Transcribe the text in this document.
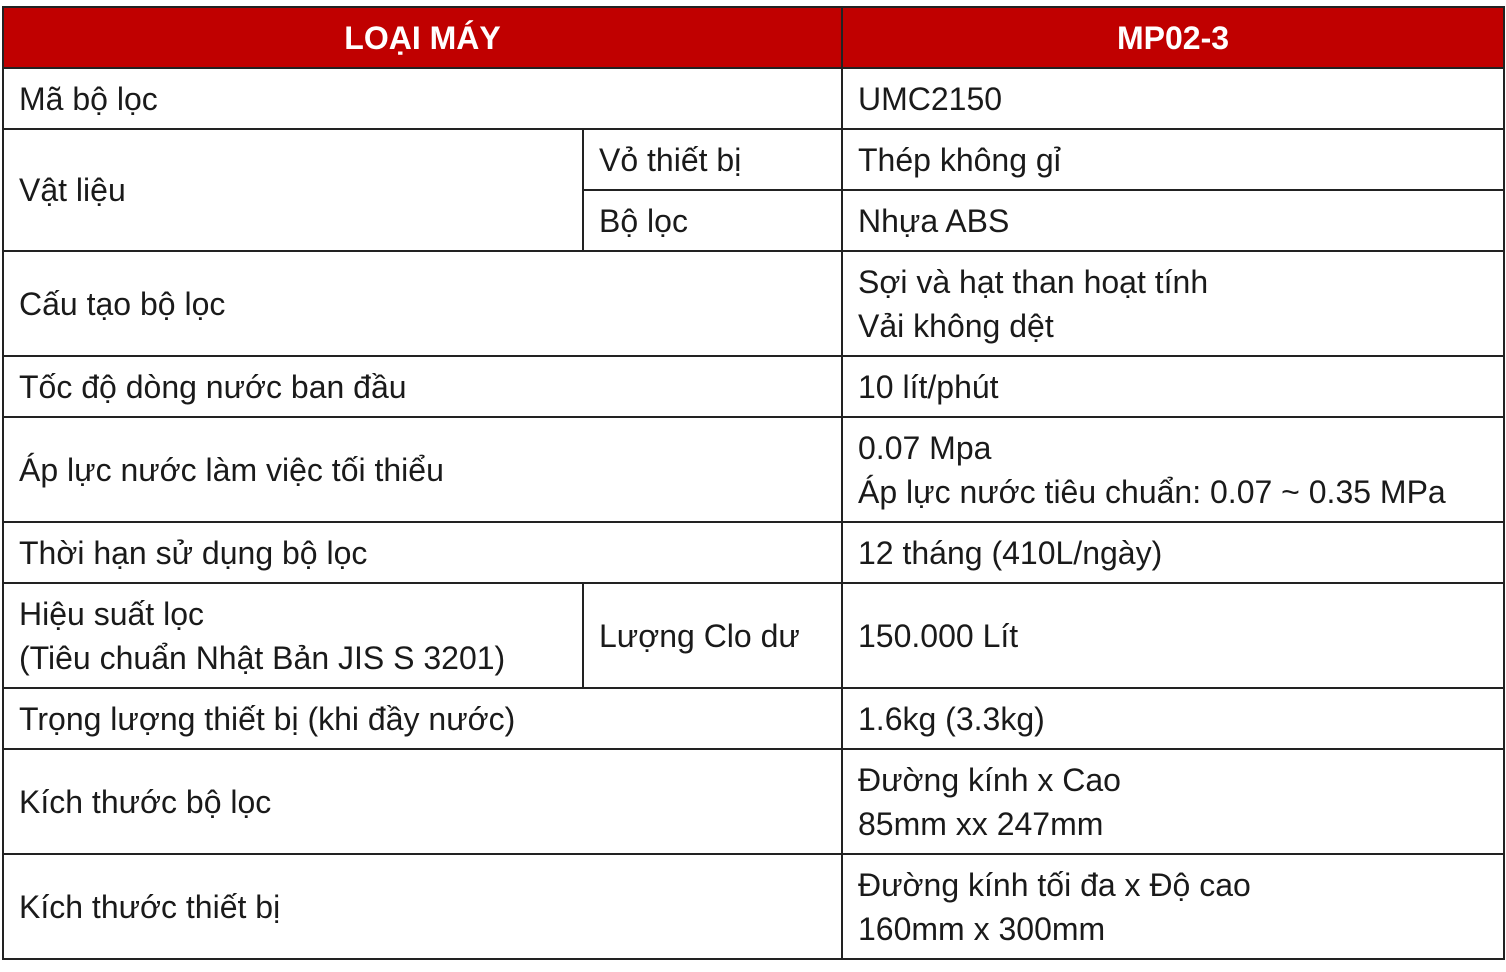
LOẠI MÁY		MP02-3
Mã bộ lọc		UMC2150
Vật liệu	Vỏ thiết bị	Thép không gỉ
	Bộ lọc	Nhựa ABS
Cấu tạo bộ lọc		Sợi và hạt than hoạt tính
Vải không dệt

Tốc độ dòng nước ban đầu		10 lít/phút
Áp lực nước làm việc tối thiểu		0.07 Mpa
Áp lực nước tiêu chuẩn: 0.07 ~ 0.35 MPa

Thời hạn sử dụng bộ lọc		12 tháng (410L/ngày)

Hiệu suất lọc
(Tiêu chuẩn Nhật Bản JIS S 3201)	Lượng Clo dư	150.000 Lít
Trọng lượng thiết bị (khi đầy nước)		1.6kg (3.3kg)
Kích thước bộ lọc		Đường kính x Cao
85mm xx 247mm

Kích thước thiết bị		Đường kính tối đa x Độ cao
160mm x 300mm
